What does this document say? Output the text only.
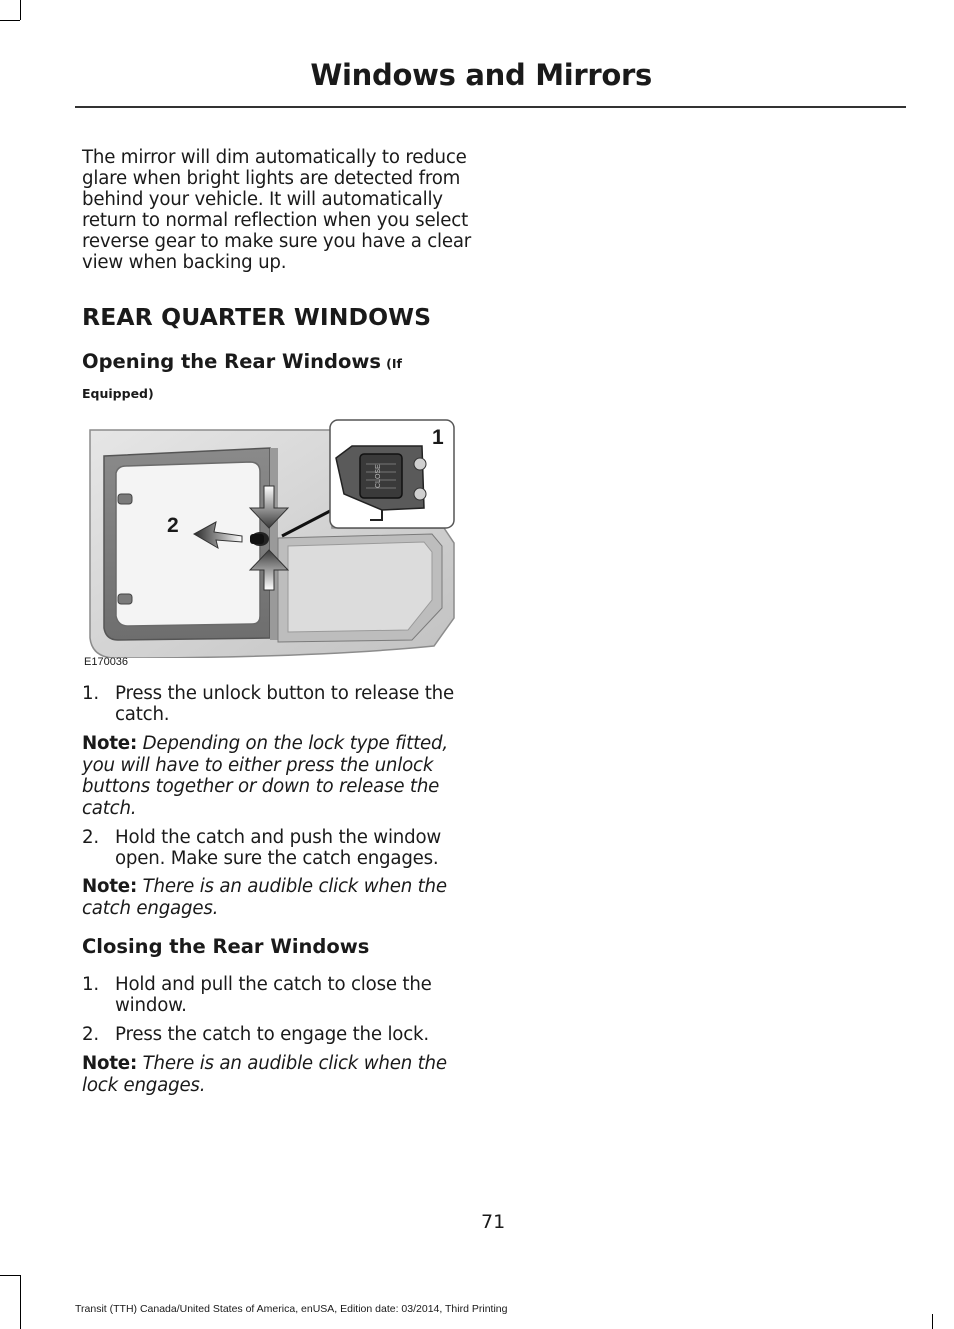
Windows and Mirrors

The mirror will dim automatically to reduce glare when bright lights are detected from behind your vehicle. It will automatically return to normal reflection when you select reverse gear to make sure you have a clear view when backing up.

REAR QUARTER WINDOWS
Opening the Rear Windows (If Equipped)
CLOSE
1
2
E170036
1. Press the unlock button to release the catch.

Note: Depending on the lock type fitted, you will have to either press the unlock buttons together or down to release the catch.

2. Hold the catch and push the window open. Make sure the catch engages.

Note: There is an audible click when the catch engages.

Closing the Rear Windows
1. Hold and pull the catch to close the window.
2. Press the catch to engage the lock.

Note: There is an audible click when the lock engages.

71
Transit (TTH) Canada/United States of America, enUSA, Edition date: 03/2014, Third Printing
